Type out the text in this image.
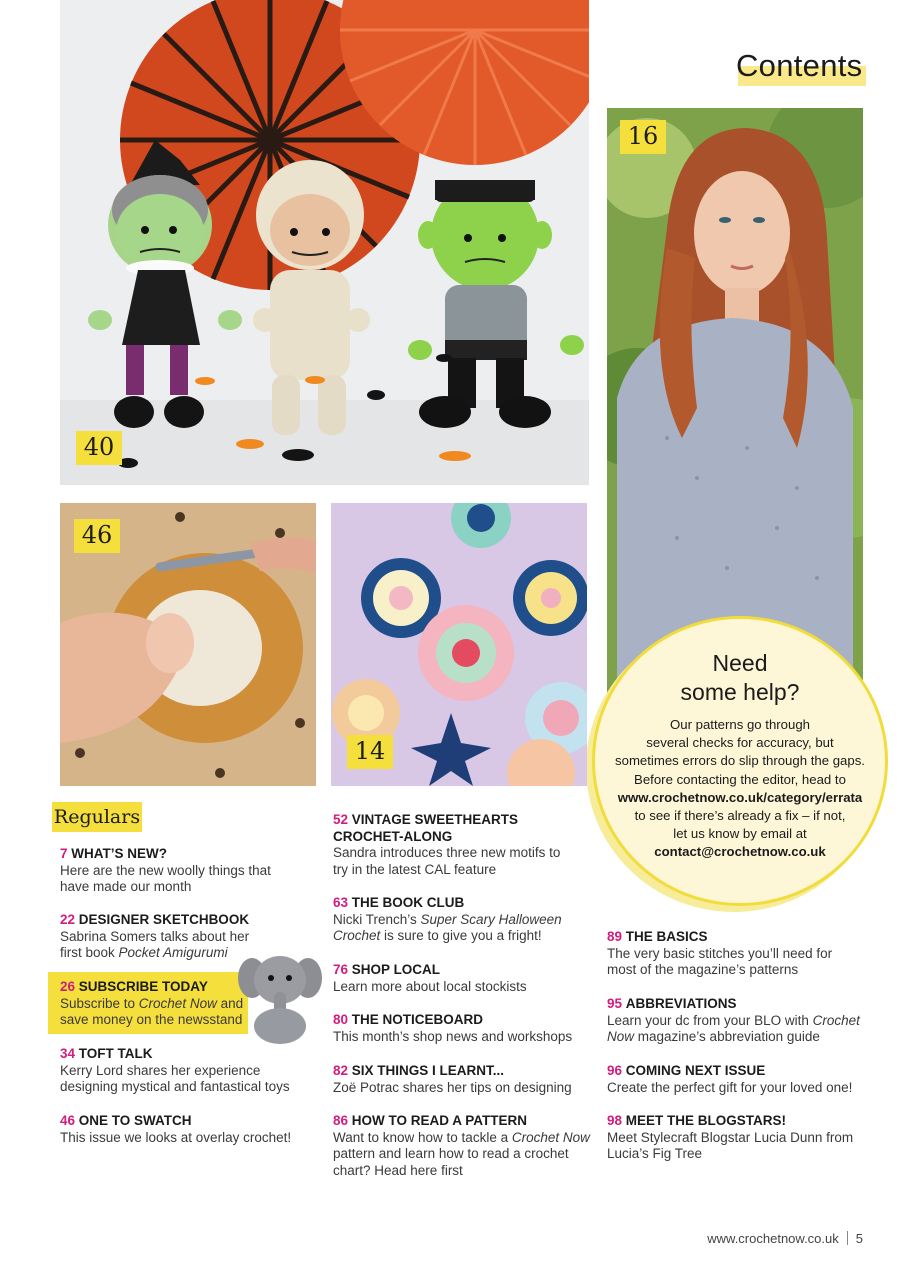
Contents
40
16
Need
some help?

Our patterns go through
several checks for accuracy, but
sometimes errors do slip through the gaps.
Before contacting the editor, head to
www.crochetnow.co.uk/category/errata
to see if there’s already a fix – if not,
let us know by email at
contact@crochetnow.co.uk

46
14
Regulars
7 WHAT’S NEW?
Here are the new woolly things that have made our month
22 DESIGNER SKETCHBOOK
Sabrina Somers talks about her first book Pocket Amigurumi
26 SUBSCRIBE TODAY
Subscribe to Crochet Now and save money on the newsstand
34 TOFT TALK
Kerry Lord shares her experience designing mystical and fantastical toys
46 ONE TO SWATCH
This issue we looks at overlay crochet!
52 VINTAGE SWEETHEARTS
CROCHET-ALONG
Sandra introduces three new motifs to try in the latest CAL feature
63 THE BOOK CLUB
Nicki Trench’s Super Scary Halloween Crochet is sure to give you a fright!
76 SHOP LOCAL
Learn more about local stockists
80 THE NOTICEBOARD
This month’s shop news and workshops
82 SIX THINGS I LEARNT...
Zoë Potrac shares her tips on designing
86 HOW TO READ A PATTERN
Want to know how to tackle a Crochet Now pattern and learn how to read a crochet chart? Head here first
89 THE BASICS
The very basic stitches you’ll need for most of the magazine’s patterns
95 ABBREVIATIONS
Learn your dc from your BLO with Crochet Now magazine’s abbreviation guide
96 COMING NEXT ISSUE
Create the perfect gift for your loved one!
98 MEET THE BLOGSTARS!
Meet Stylecraft Blogstar Lucia Dunn from Lucia’s Fig Tree
www.crochetnow.co.uk 5
